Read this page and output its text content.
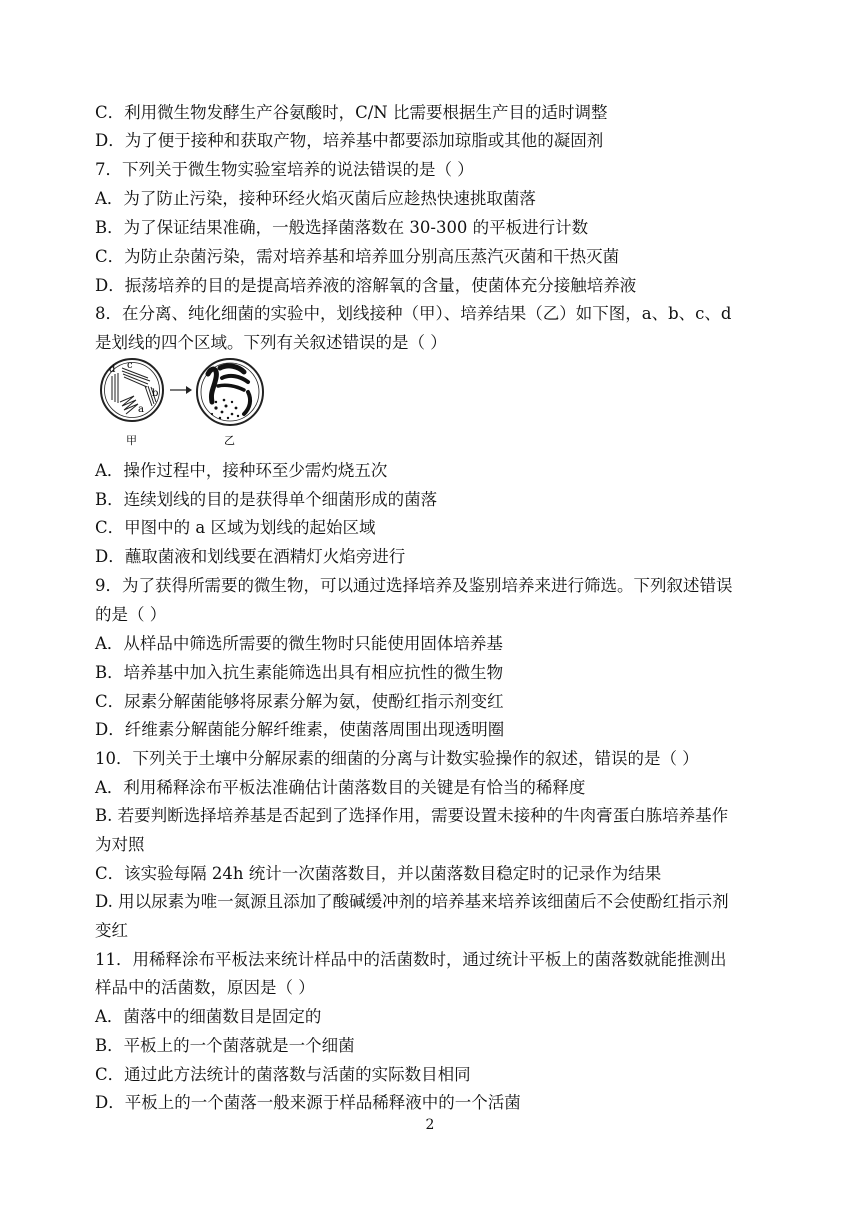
C．利用微生物发酵生产谷氨酸时，C/N 比需要根据生产目的适时调整
D．为了便于接种和获取产物，培养基中都要添加琼脂或其他的凝固剂
7．下列关于微生物实验室培养的说法错误的是（ ）
A．为了防止污染，接种环经火焰灭菌后应趁热快速挑取菌落
B．为了保证结果准确，一般选择菌落数在 30-300 的平板进行计数
C．为防止杂菌污染，需对培养基和培养皿分别高压蒸汽灭菌和干热灭菌
D．振荡培养的目的是提高培养液的溶解氧的含量，使菌体充分接触培养液
8．在分离、纯化细菌的实验中，划线接种（甲）、培养结果（乙）如下图，a、b、c、d
是划线的四个区域。下列有关叙述错误的是（ ）
A．操作过程中，接种环至少需灼烧五次
B．连续划线的目的是获得单个细菌形成的菌落
C．甲图中的 a 区域为划线的起始区域
D．蘸取菌液和划线要在酒精灯火焰旁进行
9．为了获得所需要的微生物，可以通过选择培养及鉴别培养来进行筛选。下列叙述错误
的是（ ）
A．从样品中筛选所需要的微生物时只能使用固体培养基
B．培养基中加入抗生素能筛选出具有相应抗性的微生物
C．尿素分解菌能够将尿素分解为氨，使酚红指示剂变红
D．纤维素分解菌能分解纤维素，使菌落周围出现透明圈
10．下列关于土壤中分解尿素的细菌的分离与计数实验操作的叙述，错误的是（ ）
A．利用稀释涂布平板法准确估计菌落数目的关键是有恰当的稀释度
B. 若要判断选择培养基是否起到了选择作用，需要设置未接种的牛肉膏蛋白胨培养基作
为对照
C．该实验每隔 24h 统计一次菌落数目，并以菌落数目稳定时的记录作为结果
D. 用以尿素为唯一氮源且添加了酸碱缓冲剂的培养基来培养该细菌后不会使酚红指示剂
变红
11．用稀释涂布平板法来统计样品中的活菌数时，通过统计平板上的菌落数就能推测出
样品中的活菌数，原因是（ ）
A．菌落中的细菌数目是固定的
B．平板上的一个菌落就是一个细菌
C．通过此方法统计的菌落数与活菌的实际数目相同
D．平板上的一个菌落一般来源于样品稀释液中的一个活菌
d c
b
a
甲	乙
2
